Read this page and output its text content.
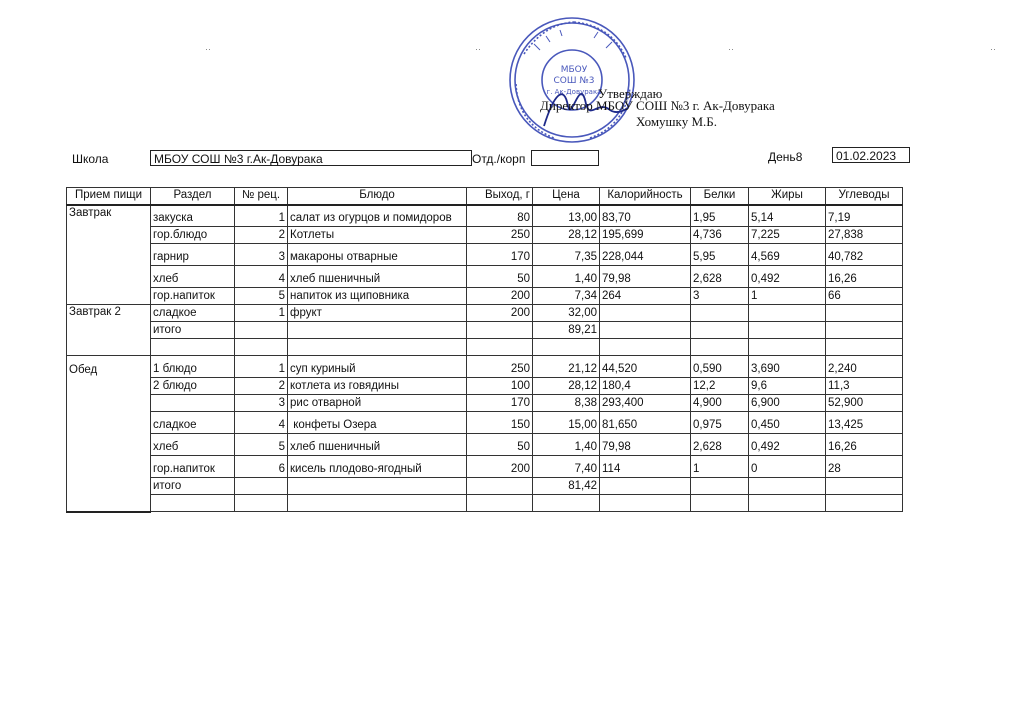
··	··	··	··
МБОУ
СОШ №3
г. Ак-Довурака
Утверждаю
Директор МБОУ СОШ №3 г. Ак-Довурака
Хомушку М.Б.
Школа	МБОУ СОШ №3 г.Ак-Довурака	Отд./корп	День8	01.02.2023
Прием пищи	Раздел	№ рец.	Блюдо	Выход, г	Цена	Калорийность	Белки	Жиры	Углеводы
Завтрак	закуска	1	салат из огурцов и помидоров	80	13,00	83,70	1,95	5,14	7,19
	гор.блюдо	2	Котлеты	250	28,12	195,699	4,736	7,225	27,838
	гарнир	3	макароны отварные	170	7,35	228,044	5,95	4,569	40,782
	хлеб	4	хлеб пшеничный	50	1,40	79,98	2,628	0,492	16,26
	гор.напиток	5	напиток из щиповника	200	7,34	264	3	1	66
Завтрак 2	сладкое	1	фрукт	200	32,00				
	итого				89,21				

Обед	1 блюдо	1	суп куриный	250	21,12	44,520	0,590	3,690	2,240
	2 блюдо	2	котлета из говядины	100	28,12	180,4	12,2	9,6	11,3
		3	рис отварной	170	8,38	293,400	4,900	6,900	52,900
	сладкое	4	конфеты Озера	150	15,00	81,650	0,975	0,450	13,425
	хлеб	5	хлеб пшеничный	50	1,40	79,98	2,628	0,492	16,26
	гор.напиток	6	кисель плодово-ягодный	200	7,40	114	1	0	28
	итого				81,42				
